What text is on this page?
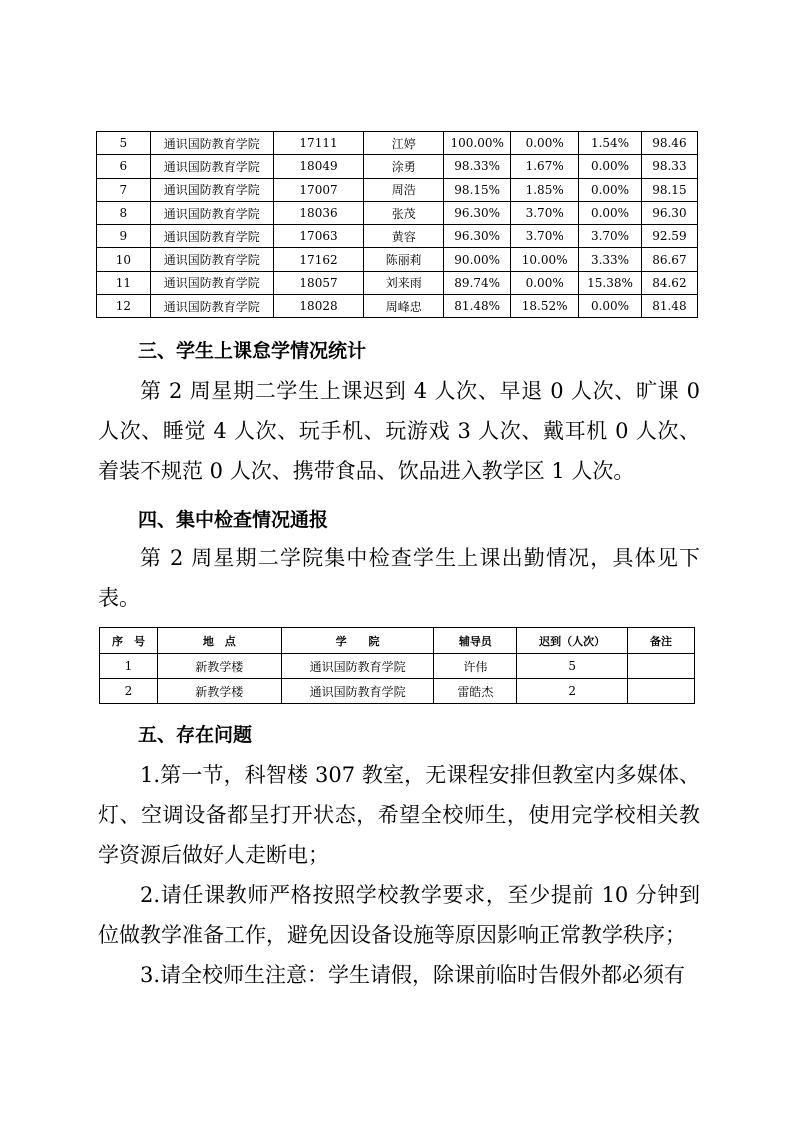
5	通识国防教育学院	17111	江婷	100.00%	0.00%	1.54%	98.46
6	通识国防教育学院	18049	涂勇	98.33%	1.67%	0.00%	98.33
7	通识国防教育学院	17007	周浩	98.15%	1.85%	0.00%	98.15
8	通识国防教育学院	18036	张茂	96.30%	3.70%	0.00%	96.30
9	通识国防教育学院	17063	黄容	96.30%	3.70%	3.70%	92.59
10	通识国防教育学院	17162	陈丽莉	90.00%	10.00%	3.33%	86.67
11	通识国防教育学院	18057	刘来雨	89.74%	0.00%	15.38%	84.62
12	通识国防教育学院	18028	周峰忠	81.48%	18.52%	0.00%	81.48
三、学生上课怠学情况统计

第 2 周星期二学生上课迟到 4 人次、早退 0 人次、旷课 0 人次、睡觉 4 人次、玩手机、玩游戏 3 人次、戴耳机 0 人次、着装不规范 0 人次、携带食品、饮品进入教学区 1 人次。

四、集中检查情况通报

第 2 周星期二学院集中检查学生上课出勤情况，具体见下表。

序　号	地　点	学　　院	辅导员	迟到（人次）	备注
1	新教学楼	通识国防教育学院	许伟	5	
2	新教学楼	通识国防教育学院	雷皓杰	2	
五、存在问题

1.第一节，科智楼 307 教室，无课程安排但教室内多媒体、灯、空调设备都呈打开状态，希望全校师生，使用完学校相关教学资源后做好人走断电；

2.请任课教师严格按照学校教学要求，至少提前 10 分钟到位做教学准备工作，避免因设备设施等原因影响正常教学秩序；

3.请全校师生注意：学生请假，除课前临时告假外都必须有
